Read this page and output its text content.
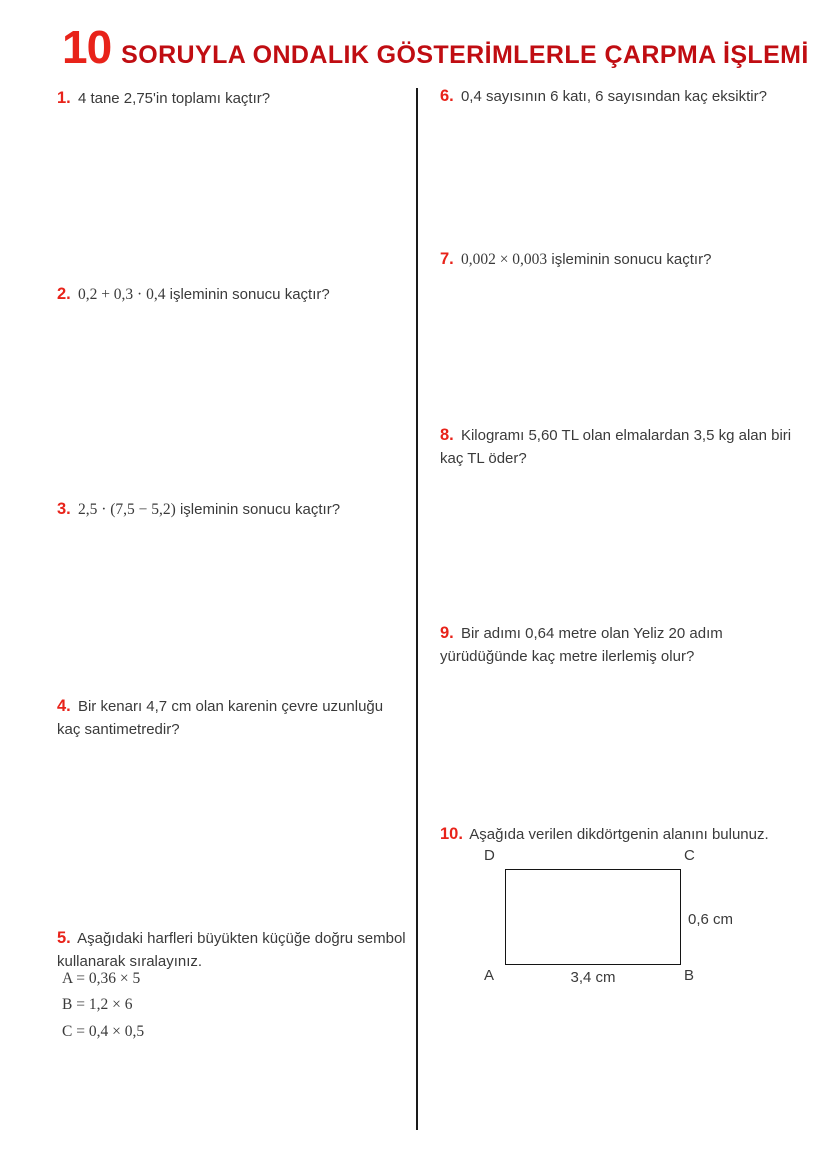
10 SORUYLA ONDALIK GÖSTERİMLERLE ÇARPMA İŞLEMİ
1. 4 tane 2,75'in toplamı kaçtır?
2. 0,2 + 0,3 · 0,4 işleminin sonucu kaçtır?
3. 2,5 · (7,5 − 5,2) işleminin sonucu kaçtır?
4. Bir kenarı 4,7 cm olan karenin çevre uzunluğu kaç santimetredir?
5. Aşağıdaki harfleri büyükten küçüğe doğru sembol kullanarak sıralayınız.
A = 0,36 × 5
B = 1,2 × 6
C = 0,4 × 0,5
6. 0,4 sayısının 6 katı, 6 sayısından kaç eksiktir?
7. 0,002 × 0,003 işleminin sonucu kaçtır?
8. Kilogramı 5,60 TL olan elmalardan 3,5 kg alan biri kaç TL öder?
9. Bir adımı 0,64 metre olan Yeliz 20 adım yürüdüğünde kaç metre ilerlemiş olur?
10. Aşağıda verilen dikdörtgenin alanını bulunuz.
D	C
0,6 cm
A	B
3,4 cm
